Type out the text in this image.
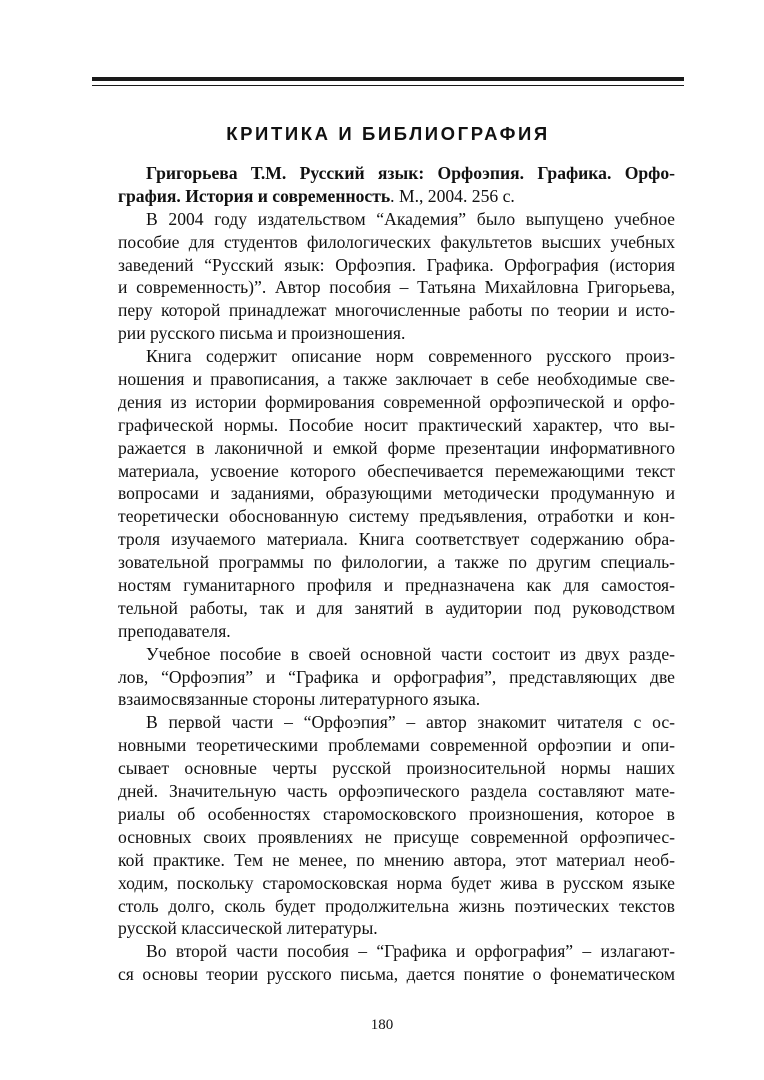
КРИТИКА И БИБЛИОГРАФИЯ
Григорьева Т.М. Русский язык: Орфоэпия. Графика. Орфо-
графия. История и современность. М., 2004. 256 с.
В 2004 году издательством “Академия” было выпущено учебное
пособие для студентов филологических факультетов высших учебных
заведений “Русский язык: Орфоэпия. Графика. Орфография (история
и современность)”. Автор пособия – Татьяна Михайловна Григорьева,
перу которой принадлежат многочисленные работы по теории и исто-
рии русского письма и произношения.
Книга содержит описание норм современного русского произ-
ношения и правописания, а также заключает в себе необходимые све-
дения из истории формирования современной орфоэпической и орфо-
графической нормы. Пособие носит практический характер, что вы-
ражается в лаконичной и емкой форме презентации информативного
материала, усвоение которого обеспечивается перемежающими текст
вопросами и заданиями, образующими методически продуманную и
теоретически обоснованную систему предъявления, отработки и кон-
троля изучаемого материала. Книга соответствует содержанию обра-
зовательной программы по филологии, а также по другим специаль-
ностям гуманитарного профиля и предназначена как для самостоя-
тельной работы, так и для занятий в аудитории под руководством
преподавателя.
Учебное пособие в своей основной части состоит из двух разде-
лов, “Орфоэпия” и “Графика и орфография”, представляющих две
взаимосвязанные стороны литературного языка.
В первой части – “Орфоэпия” – автор знакомит читателя с ос-
новными теоретическими проблемами современной орфоэпии и опи-
сывает основные черты русской произносительной нормы наших
дней. Значительную часть орфоэпического раздела составляют мате-
риалы об особенностях старомосковского произношения, которое в
основных своих проявлениях не присуще современной орфоэпичес-
кой практике. Тем не менее, по мнению автора, этот материал необ-
ходим, поскольку старомосковская норма будет жива в русском языке
столь долго, сколь будет продолжительна жизнь поэтических текстов
русской классической литературы.
Во второй части пособия – “Графика и орфография” – излагают-
ся основы теории русского письма, дается понятие о фонематическом
180
